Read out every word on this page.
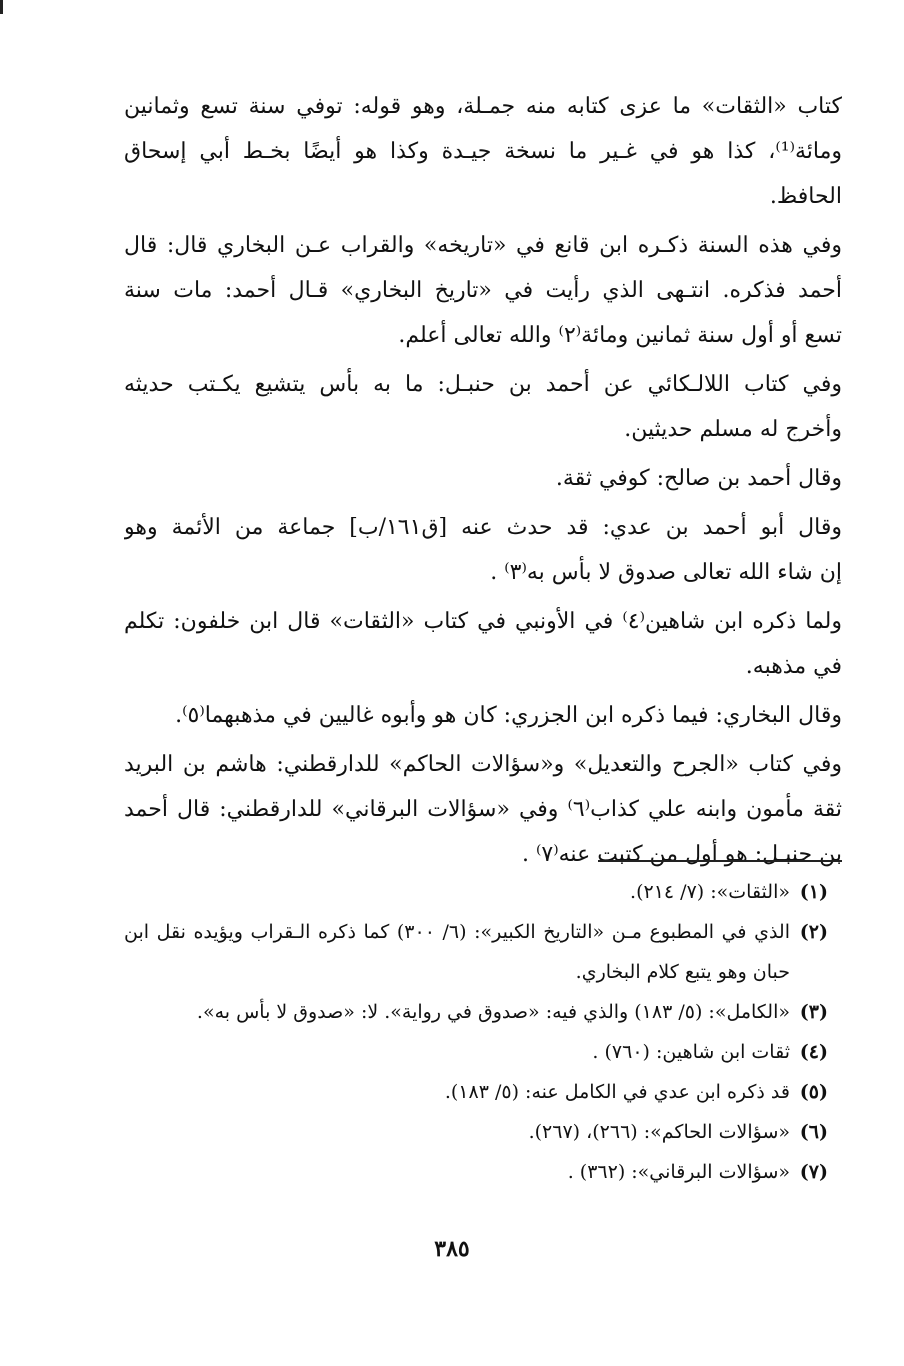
كتاب «الثقات» ما عزى كتابه منه جمـلة، وهو قوله: توفي سنة تسع وثمانين
ومائة⁽¹⁾، كذا هو في غـير ما نسخة جيـدة وكذا هو أيضًا بخـط أبي إسحاق
الحافظ.

وفي هذه السنة ذكـره ابن قانع في «تاريخه» والقراب عـن البخاري قال: قال
أحمد فذكره. انتـهى الذي رأيت في «تاريخ البخاري» قـال أحمد: مات سنة
تسع أو أول سنة ثمانين ومائة⁽٢⁾ والله تعالى أعلم.

وفي كتاب اللالـكائي عن أحمد بن حنبـل: ما به بأس يتشيع يكـتب حديثه
وأخرج له مسلم حديثين.

وقال أحمد بن صالح: كوفي ثقة.

وقال أبو أحمد بن عدي: قد حدث عنه [ق١٦١/ب] جماعة من الأئمة وهو
إن شاء الله تعالى صدوق لا بأس به⁽٣⁾ .

ولما ذكره ابن شاهين⁽٤⁾ في الأونبي في كتاب «الثقات» قال ابن خلفون: تكلم
في مذهبه.

وقال البخاري: فيما ذكره ابن الجزري: كان هو وأبوه غاليين في مذهبهما⁽٥⁾.

وفي كتاب «الجرح والتعديل» و«سؤالات الحاكم» للدارقطني: هاشم بن البريد
ثقة مأمون وابنه علي كذاب⁽٦⁾ وفي «سؤالات البرقاني» للدارقطني: قال أحمد
بن حنبـل: هو أول من كتبت عنه⁽٧⁾ .

(١)
«الثقات»: (٧/ ٢١٤).
(٢)
الذي في المطبوع مـن «التاريخ الكبير»: (٦/ ٣٠٠) كما ذكره الـقراب ويؤيده نقل ابن حبان وهو يتبع كلام البخاري.
(٣)
«الكامل»: (٥/ ١٨٣) والذي فيه: «صدوق في رواية». لا: «صدوق لا بأس به».
(٤)
ثقات ابن شاهين: (٧٦٠) .
(٥)
قد ذكره ابن عدي في الكامل عنه: (٥/ ١٨٣).
(٦)
«سؤالات الحاكم»: (٢٦٦)، (٢٦٧).
(٧)
«سؤالات البرقاني»: (٣٦٢) .
٣٨٥
